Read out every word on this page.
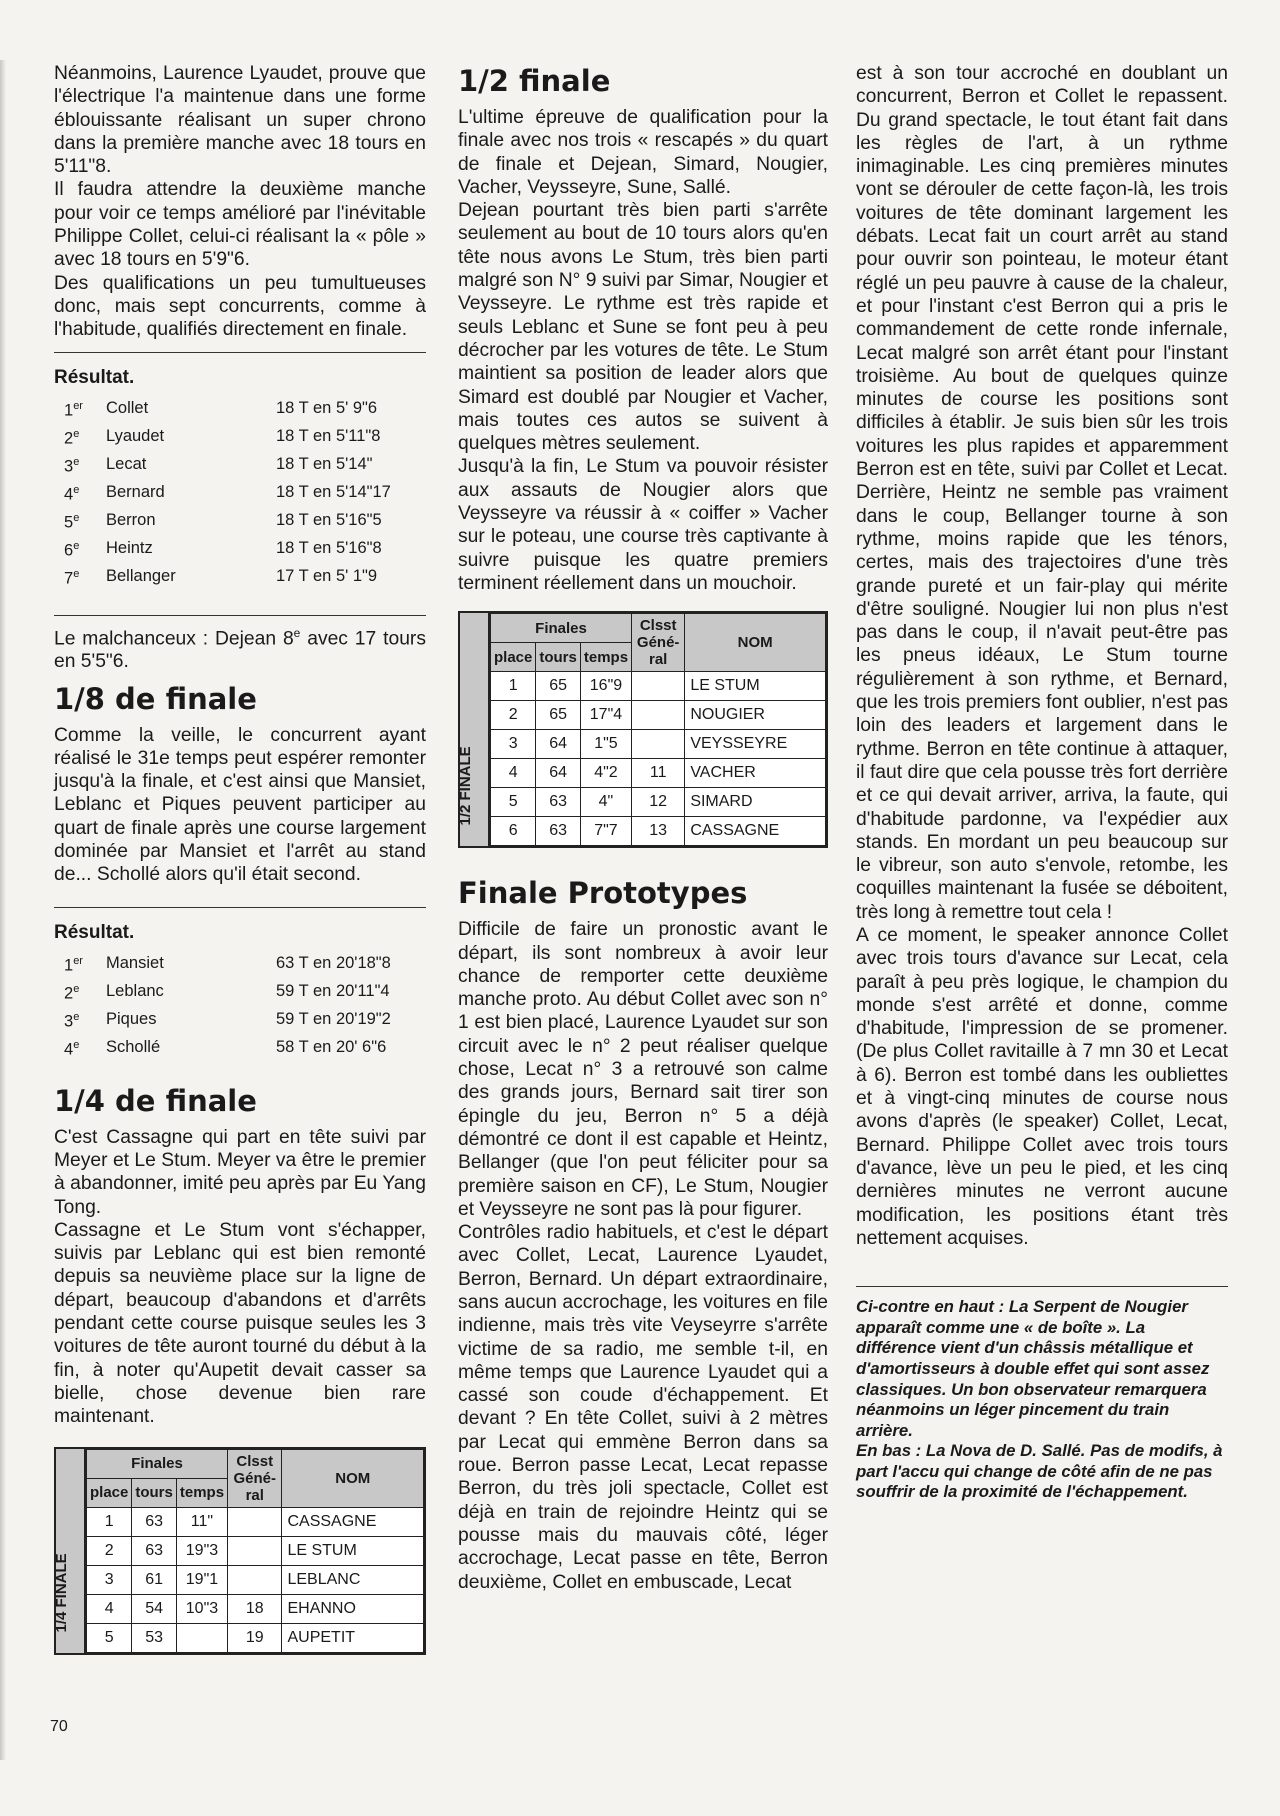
Néanmoins, Laurence Lyaudet, prouve que l'électrique l'a maintenue dans une forme éblouissante réalisant un super chrono dans la première manche avec 18 tours en 5'11"8.

Il faudra attendre la deuxième manche pour voir ce temps amélioré par l'inévitable Philippe Collet, celui-ci réalisant la « pôle » avec 18 tours en 5'9"6.

Des qualifications un peu tumultueuses donc, mais sept concurrents, comme à l'habitude, qualifiés directement en finale.

Résultat.
1er	Collet	18 T en 5' 9"6
2e	Lyaudet	18 T en 5'11"8
3e	Lecat	18 T en 5'14"
4e	Bernard	18 T en 5'14"17
5e	Berron	18 T en 5'16"5
6e	Heintz	18 T en 5'16"8
7e	Bellanger	17 T en 5' 1"9

Le malchanceux : Dejean 8e avec 17 tours en 5'5"6.

1/8 de finale

Comme la veille, le concurrent ayant réalisé le 31e temps peut espérer remonter jusqu'à la finale, et c'est ainsi que Mansiet, Leblanc et Piques peuvent participer au quart de finale après une course largement dominée par Mansiet et l'arrêt au stand de... Schollé alors qu'il était second.

Résultat.
1er	Mansiet	63 T en 20'18"8
2e	Leblanc	59 T en 20'11"4
3e	Piques	59 T en 20'19"2
4e	Schollé	58 T en 20' 6"6
1/4 de finale

C'est Cassagne qui part en tête suivi par Meyer et Le Stum. Meyer va être le premier à abandonner, imité peu après par Eu Yang Tong.

Cassagne et Le Stum vont s'échapper, suivis par Leblanc qui est bien remonté depuis sa neuvième place sur la ligne de départ, beaucoup d'abandons et d'arrêts pendant cette course puisque seules les 3 voitures de tête auront tourné du début à la fin, à noter qu'Aupetit devait casser sa bielle, chose devenue bien rare maintenant.

1/4 FINALE
Finales			Clsst Géné-ral	NOM
place	tours	temps		
1	63	11"		CASSAGNE
2	63	19"3		LE STUM
3	61	19"1		LEBLANC
4	54	10"3	18	EHANNO
5	53		19	AUPETIT
1/2 finale

L'ultime épreuve de qualification pour la finale avec nos trois « rescapés » du quart de finale et Dejean, Simard, Nougier, Vacher, Veysseyre, Sune, Sallé.

Dejean pourtant très bien parti s'arrête seulement au bout de 10 tours alors qu'en tête nous avons Le Stum, très bien parti malgré son N° 9 suivi par Simar, Nougier et Veysseyre. Le rythme est très rapide et seuls Leblanc et Sune se font peu à peu décrocher par les votures de tête. Le Stum maintient sa position de leader alors que Simard est doublé par Nougier et Vacher, mais toutes ces autos se suivent à quelques mètres seulement.

Jusqu'à la fin, Le Stum va pouvoir résister aux assauts de Nougier alors que Veysseyre va réussir à « coiffer » Vacher sur le poteau, une course très captivante à suivre puisque les quatre premiers terminent réellement dans un mouchoir.

1/2 FINALE
Finales			Clsst Géné-ral	NOM
place	tours	temps		
1	65	16"9		LE STUM
2	65	17"4		NOUGIER
3	64	1"5		VEYSSEYRE
4	64	4"2	11	VACHER
5	63	4"	12	SIMARD
6	63	7"7	13	CASSAGNE
Finale Prototypes

Difficile de faire un pronostic avant le départ, ils sont nombreux à avoir leur chance de remporter cette deuxième manche proto. Au début Collet avec son n° 1 est bien placé, Laurence Lyaudet sur son circuit avec le n° 2 peut réaliser quelque chose, Lecat n° 3 a retrouvé son calme des grands jours, Bernard sait tirer son épingle du jeu, Berron n° 5 a déjà démontré ce dont il est capable et Heintz, Bellanger (que l'on peut féliciter pour sa première saison en CF), Le Stum, Nougier et Veysseyre ne sont pas là pour figurer.

Contrôles radio habituels, et c'est le départ avec Collet, Lecat, Laurence Lyaudet, Berron, Bernard. Un départ extraordinaire, sans aucun accrochage, les voitures en file indienne, mais très vite Veyseyrre s'arrête victime de sa radio, me semble t-il, en même temps que Laurence Lyaudet qui a cassé son coude d'échappement. Et devant ? En tête Collet, suivi à 2 mètres par Lecat qui emmène Berron dans sa roue. Berron passe Lecat, Lecat repasse Berron, du très joli spectacle, Collet est déjà en train de rejoindre Heintz qui se pousse mais du mauvais côté, léger accrochage, Lecat passe en tête, Berron deuxième, Collet en embuscade, Lecat

est à son tour accroché en doublant un concurrent, Berron et Collet le repassent. Du grand spectacle, le tout étant fait dans les règles de l'art, à un rythme inimaginable. Les cinq premières minutes vont se dérouler de cette façon-là, les trois voitures de tête dominant largement les débats. Lecat fait un court arrêt au stand pour ouvrir son pointeau, le moteur étant réglé un peu pauvre à cause de la chaleur, et pour l'instant c'est Berron qui a pris le commandement de cette ronde infernale, Lecat malgré son arrêt étant pour l'instant troisième. Au bout de quelques quinze minutes de course les positions sont difficiles à établir. Je suis bien sûr les trois voitures les plus rapides et apparemment Berron est en tête, suivi par Collet et Lecat. Derrière, Heintz ne semble pas vraiment dans le coup, Bellanger tourne à son rythme, moins rapide que les ténors, certes, mais des trajectoires d'une très grande pureté et un fair-play qui mérite d'être souligné. Nougier lui non plus n'est pas dans le coup, il n'avait peut-être pas les pneus idéaux, Le Stum tourne régulièrement à son rythme, et Bernard, que les trois premiers font oublier, n'est pas loin des leaders et largement dans le rythme. Berron en tête continue à attaquer, il faut dire que cela pousse très fort derrière et ce qui devait arriver, arriva, la faute, qui d'habitude pardonne, va l'expédier aux stands. En mordant un peu beaucoup sur le vibreur, son auto s'envole, retombe, les coquilles maintenant la fusée se déboitent, très long à remettre tout cela !

A ce moment, le speaker annonce Collet avec trois tours d'avance sur Lecat, cela paraît à peu près logique, le champion du monde s'est arrêté et donne, comme d'habitude, l'impression de se promener. (De plus Collet ravitaille à 7 mn 30 et Lecat à 6). Berron est tombé dans les oubliettes et à vingt-cinq minutes de course nous avons d'après (le speaker) Collet, Lecat, Bernard. Philippe Collet avec trois tours d'avance, lève un peu le pied, et les cinq dernières minutes ne verront aucune modification, les positions étant très nettement acquises.

Ci-contre en haut : La Serpent de Nougier apparaît comme une « de boîte ». La différence vient d'un châssis métallique et d'amortisseurs à double effet qui sont assez classiques. Un bon observateur remarquera néanmoins un léger pincement du train arrière.
En bas : La Nova de D. Sallé. Pas de modifs, à part l'accu qui change de côté afin de ne pas souffrir de la proximité de l'échappement.
70
